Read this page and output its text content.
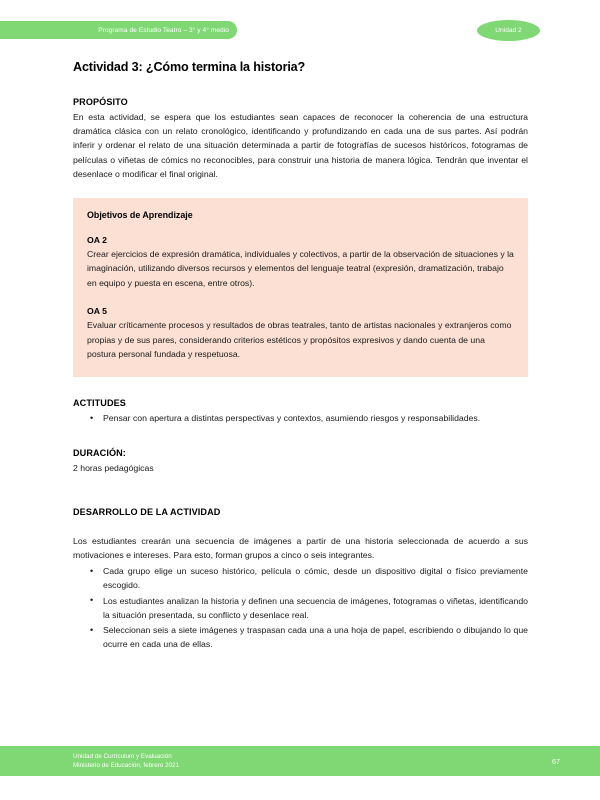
Programa de Estudio Teatro – 3° y 4° medio	Unidad 2
Actividad 3: ¿Cómo termina la historia?
PROPÓSITO

En esta actividad, se espera que los estudiantes sean capaces de reconocer la coherencia de una estructura dramática clásica con un relato cronológico, identificando y profundizando en cada una de sus partes. Así podrán inferir y ordenar el relato de una situación determinada a partir de fotografías de sucesos históricos, fotogramas de películas o viñetas de cómics no reconocibles, para construir una historia de manera lógica. Tendrán que inventar el desenlace o modificar el final original.

Objetivos de Aprendizaje
OA 2
Crear ejercicios de expresión dramática, individuales y colectivos, a partir de la observación de situaciones y la imaginación, utilizando diversos recursos y elementos del lenguaje teatral (expresión, dramatización, trabajo en equipo y puesta en escena, entre otros).
OA 5
Evaluar críticamente procesos y resultados de obras teatrales, tanto de artistas nacionales y extranjeros como propias y de sus pares, considerando criterios estéticos y propósitos expresivos y dando cuenta de una postura personal fundada y respetuosa.
ACTITUDES
• Pensar con apertura a distintas perspectivas y contextos, asumiendo riesgos y responsabilidades.
DURACIÓN:

2 horas pedagógicas

DESARROLLO DE LA ACTIVIDAD

Los estudiantes crearán una secuencia de imágenes a partir de una historia seleccionada de acuerdo a sus motivaciones e intereses. Para esto, forman grupos a cinco o seis integrantes.

• Cada grupo elige un suceso histórico, película o cómic, desde un dispositivo digital o físico previamente escogido.
• Los estudiantes analizan la historia y definen una secuencia de imágenes, fotogramas o viñetas, identificando la situación presentada, su conflicto y desenlace real.
• Seleccionan seis a siete imágenes y traspasan cada una a una hoja de papel, escribiendo o dibujando lo que ocurre en cada una de ellas.
Unidad de Currículum y Evaluación
Ministerio de Educación, febrero 2021	67
